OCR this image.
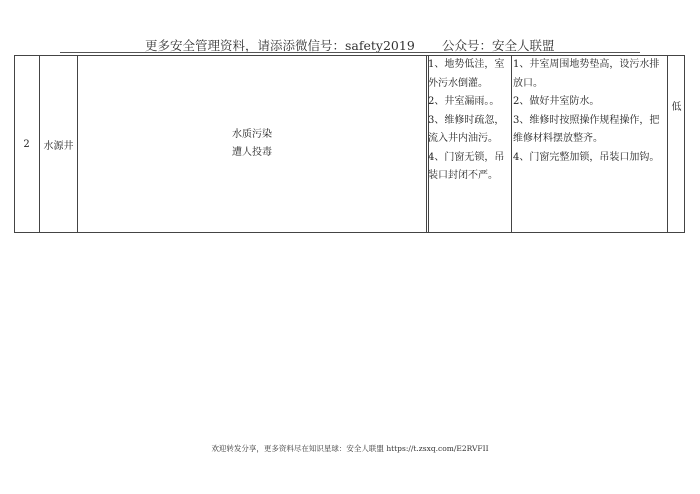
更多安全管理资料，请添添微信号：safety2019 公众号：安全人联盟
2	水源井
水质污染
遭人投毒

1、地势低洼，室外污水倒灌。

2、井室漏雨。。

3、维修时疏忽，流入井内油污。

4、门窗无锁，吊装口封闭不严。

1、井室周围地势垫高，设污水排放口。

2、做好井室防水。

3、维修时按照操作规程操作，把维修材料摆放整齐。

4、门窗完整加锁，吊装口加钩。

低
欢迎转发分享，更多资料尽在知识星球：安全人联盟 https://t.zsxq.com/E2RVFII
